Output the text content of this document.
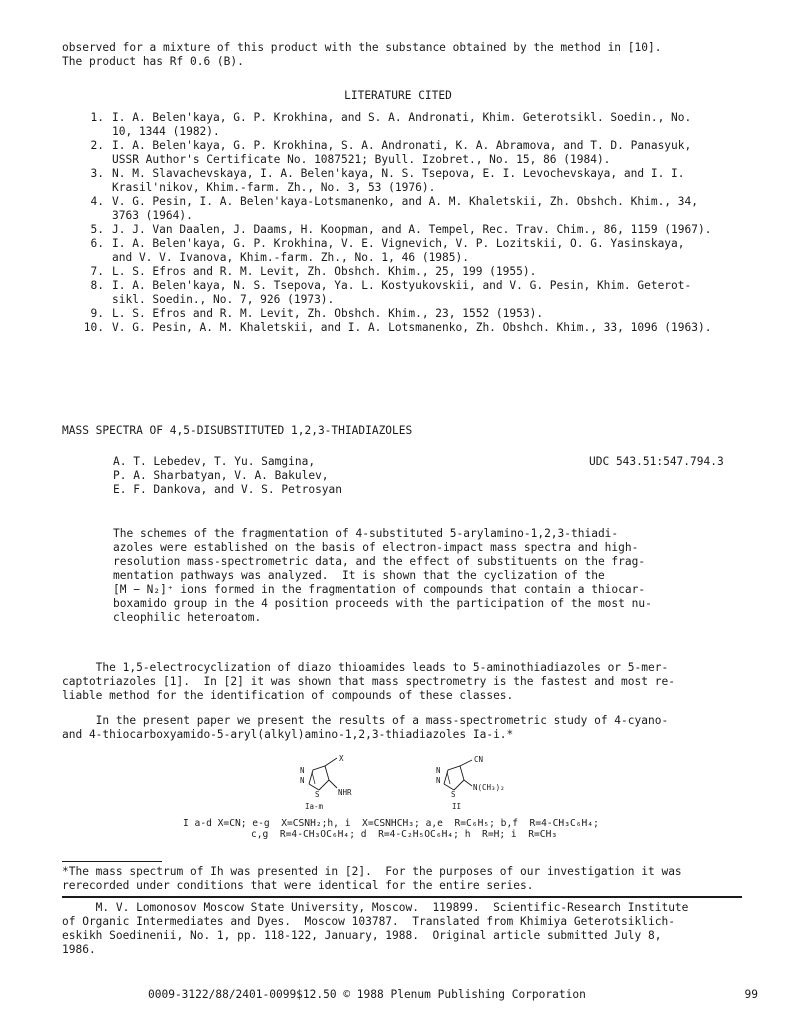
observed for a mixture of this product with the substance obtained by the method in [10].
The product has Rf 0.6 (B).
LITERATURE CITED
1. I. A. Belen'kaya, G. P. Krokhina, and S. A. Andronati, Khim. Geterotsikl. Soedin., No.
10, 1344 (1982).
2. I. A. Belen'kaya, G. P. Krokhina, S. A. Andronati, K. A. Abramova, and T. D. Panasyuk,
USSR Author's Certificate No. 1087521; Byull. Izobret., No. 15, 86 (1984).
3. N. M. Slavachevskaya, I. A. Belen'kaya, N. S. Tsepova, E. I. Levochevskaya, and I. I.
Krasil'nikov, Khim.-farm. Zh., No. 3, 53 (1976).
4. V. G. Pesin, I. A. Belen'kaya-Lotsmanenko, and A. M. Khaletskii, Zh. Obshch. Khim., 34,
3763 (1964).
5. J. J. Van Daalen, J. Daams, H. Koopman, and A. Tempel, Rec. Trav. Chim., 86, 1159 (1967).
6. I. A. Belen'kaya, G. P. Krokhina, V. E. Vignevich, V. P. Lozitskii, O. G. Yasinskaya,
and V. V. Ivanova, Khim.-farm. Zh., No. 1, 46 (1985).
7. L. S. Efros and R. M. Levit, Zh. Obshch. Khim., 25, 199 (1955).
8. I. A. Belen'kaya, N. S. Tsepova, Ya. L. Kostyukovskii, and V. G. Pesin, Khim. Geterot-
sikl. Soedin., No. 7, 926 (1973).
9. L. S. Efros and R. M. Levit, Zh. Obshch. Khim., 23, 1552 (1953).
10. V. G. Pesin, A. M. Khaletskii, and I. A. Lotsmanenko, Zh. Obshch. Khim., 33, 1096 (1963).
MASS SPECTRA OF 4,5-DISUBSTITUTED 1,2,3-THIADIAZOLES
A. T. Lebedev, T. Yu. Samgina,
P. A. Sharbatyan, V. A. Bakulev,
E. F. Dankova, and V. S. Petrosyan
UDC 543.51:547.794.3
The schemes of the fragmentation of 4-substituted 5-arylamino-1,2,3-thiadi-
azoles were established on the basis of electron-impact mass spectra and high-
resolution mass-spectrometric data, and the effect of substituents on the frag-
mentation pathways was analyzed.  It is shown that the cyclization of the
[M − N₂]⁺ ions formed in the fragmentation of compounds that contain a thiocar-
boxamido group in the 4 position proceeds with the participation of the most nu-
cleophilic heteroatom.
The 1,5-electrocyclization of diazo thioamides leads to 5-aminothiadiazoles or 5-mer-
captotriazoles [1].  In [2] it was shown that mass spectrometry is the fastest and most re-
liable method for the identification of compounds of these classes.
In the present paper we present the results of a mass-spectrometric study of 4-cyano-
and 4-thiocarboxyamido-5-aryl(alkyl)amino-1,2,3-thiadiazoles Ia-i.*
X
N
N
S NHR
Ia-m
CN
N
N
S
N(CH₃)₂
II
I a-d X=CN; e-g  X=CSNH₂;h, i  X=CSNHCH₃; a,e  R=C₆H₅; b,f  R=4-CH₃C₆H₄;
c,g  R=4-CH₃OC₆H₄; d  R=4-C₂H₅OC₆H₄; h  R=H; i  R=CH₃
*The mass spectrum of Ih was presented in [2].  For the purposes of our investigation it was
rerecorded under conditions that were identical for the entire series.
M. V. Lomonosov Moscow State University, Moscow.  119899.  Scientific-Research Institute
of Organic Intermediates and Dyes.  Moscow 103787.  Translated from Khimiya Geterotsiklich-
eskikh Soedinenii, No. 1, pp. 118-122, January, 1988.  Original article submitted July 8,
1986.
0009-3122/88/2401-0099$12.50 © 1988 Plenum Publishing Corporation	99
